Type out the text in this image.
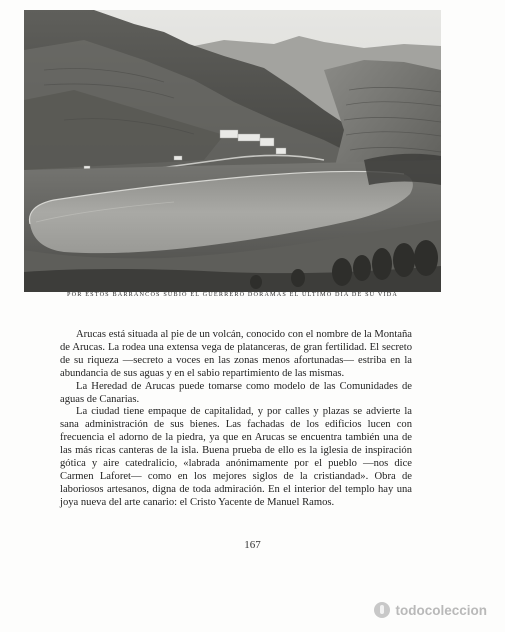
POR ESTOS BARRANCOS SUBIÓ EL GUERRERO DORAMAS EL ÚLTIMO DÍA DE SU VIDA

Arucas está situada al pie de un volcán, conocido con el nombre de la Montaña de Arucas. La rodea una extensa vega de platanceras, de gran fertilidad. El secreto de su riqueza —secreto a voces en las zonas menos afortunadas— estriba en la abundancia de sus aguas y en el sabio repartimiento de las mismas.

La Heredad de Arucas puede tomarse como modelo de las Comunidades de aguas de Canarias.

La ciudad tiene empaque de capitalidad, y por calles y plazas se advierte la sana administración de sus bienes. Las fachadas de los edificios lucen con frecuencia el adorno de la piedra, ya que en Arucas se encuentra también una de las más ricas canteras de la isla. Buena prueba de ello es la iglesia de inspiración gótica y aire catedralicio, «labrada anónimamente por el pueblo —nos dice Carmen Laforet— como en los mejores siglos de la cristiandad». Obra de laboriosos artesanos, digna de toda admiración. En el interior del templo hay una joya nueva del arte canario: el Cristo Yacente de Manuel Ramos.

167
todocoleccion
